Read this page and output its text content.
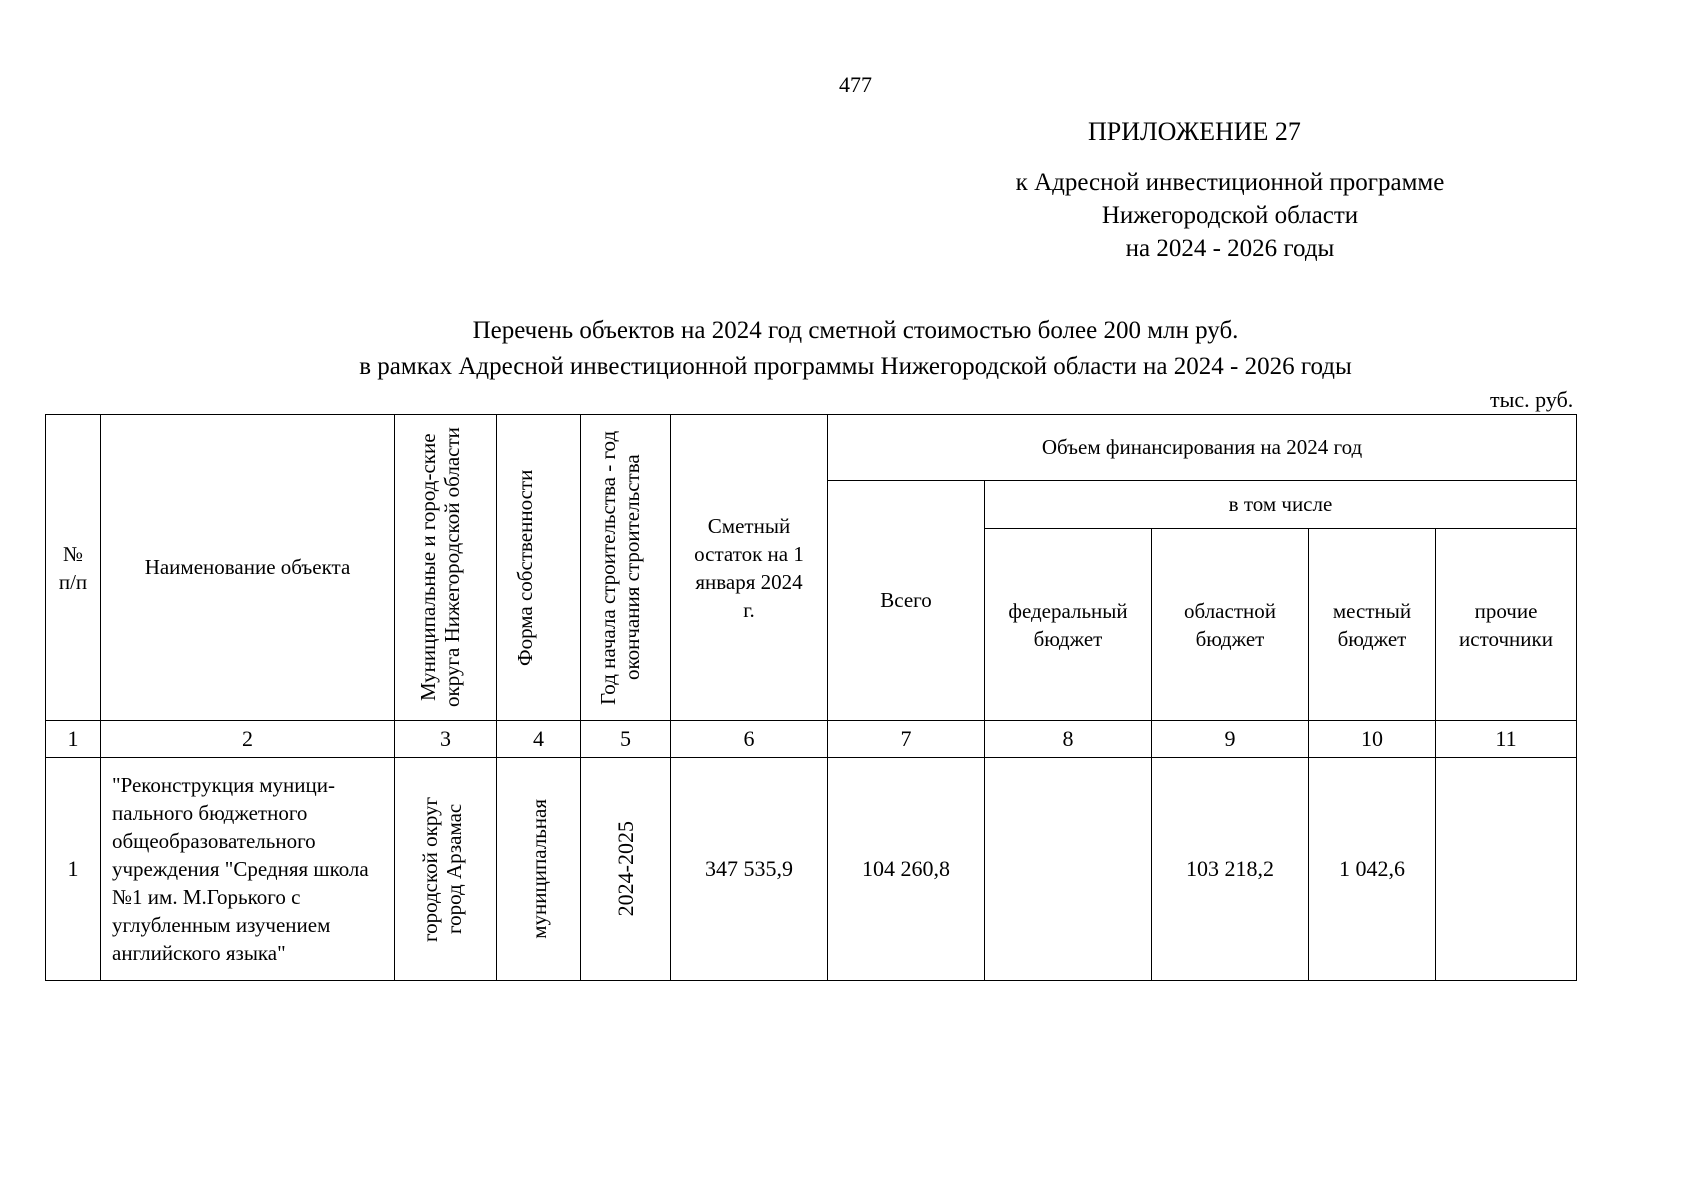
477
ПРИЛОЖЕНИЕ 27
к Адресной инвестиционной программе
Нижегородской области
на 2024 - 2026 годы
Перечень объектов на 2024 год сметной стоимостью более 200 млн руб.
в рамках Адресной инвестиционной программы Нижегородской области на 2024 - 2026 годы
тыс. руб.
№ п/п	Наименование объекта	Муниципальные и город-ские округа Нижегородской области	Форма собственности	Год начала строительства - год окончания строительства	Сметный остаток на 1 января 2024 г.	Объем финансирования на 2024 год				
						Всего	в том числе			
							федеральный бюджет	областной бюджет	местный бюджет	прочие источники
1	2	3	4	5	6	7	8	9	10	11
1	"Реконструкция муници-пального бюджетного общеобразовательного учреждения "Средняя школа №1 им. М.Горького с углубленным изучением английского языка"	городской округ город Арзамас	муниципальная	2024-2025	347 535,9	104 260,8		103 218,2	1 042,6	
